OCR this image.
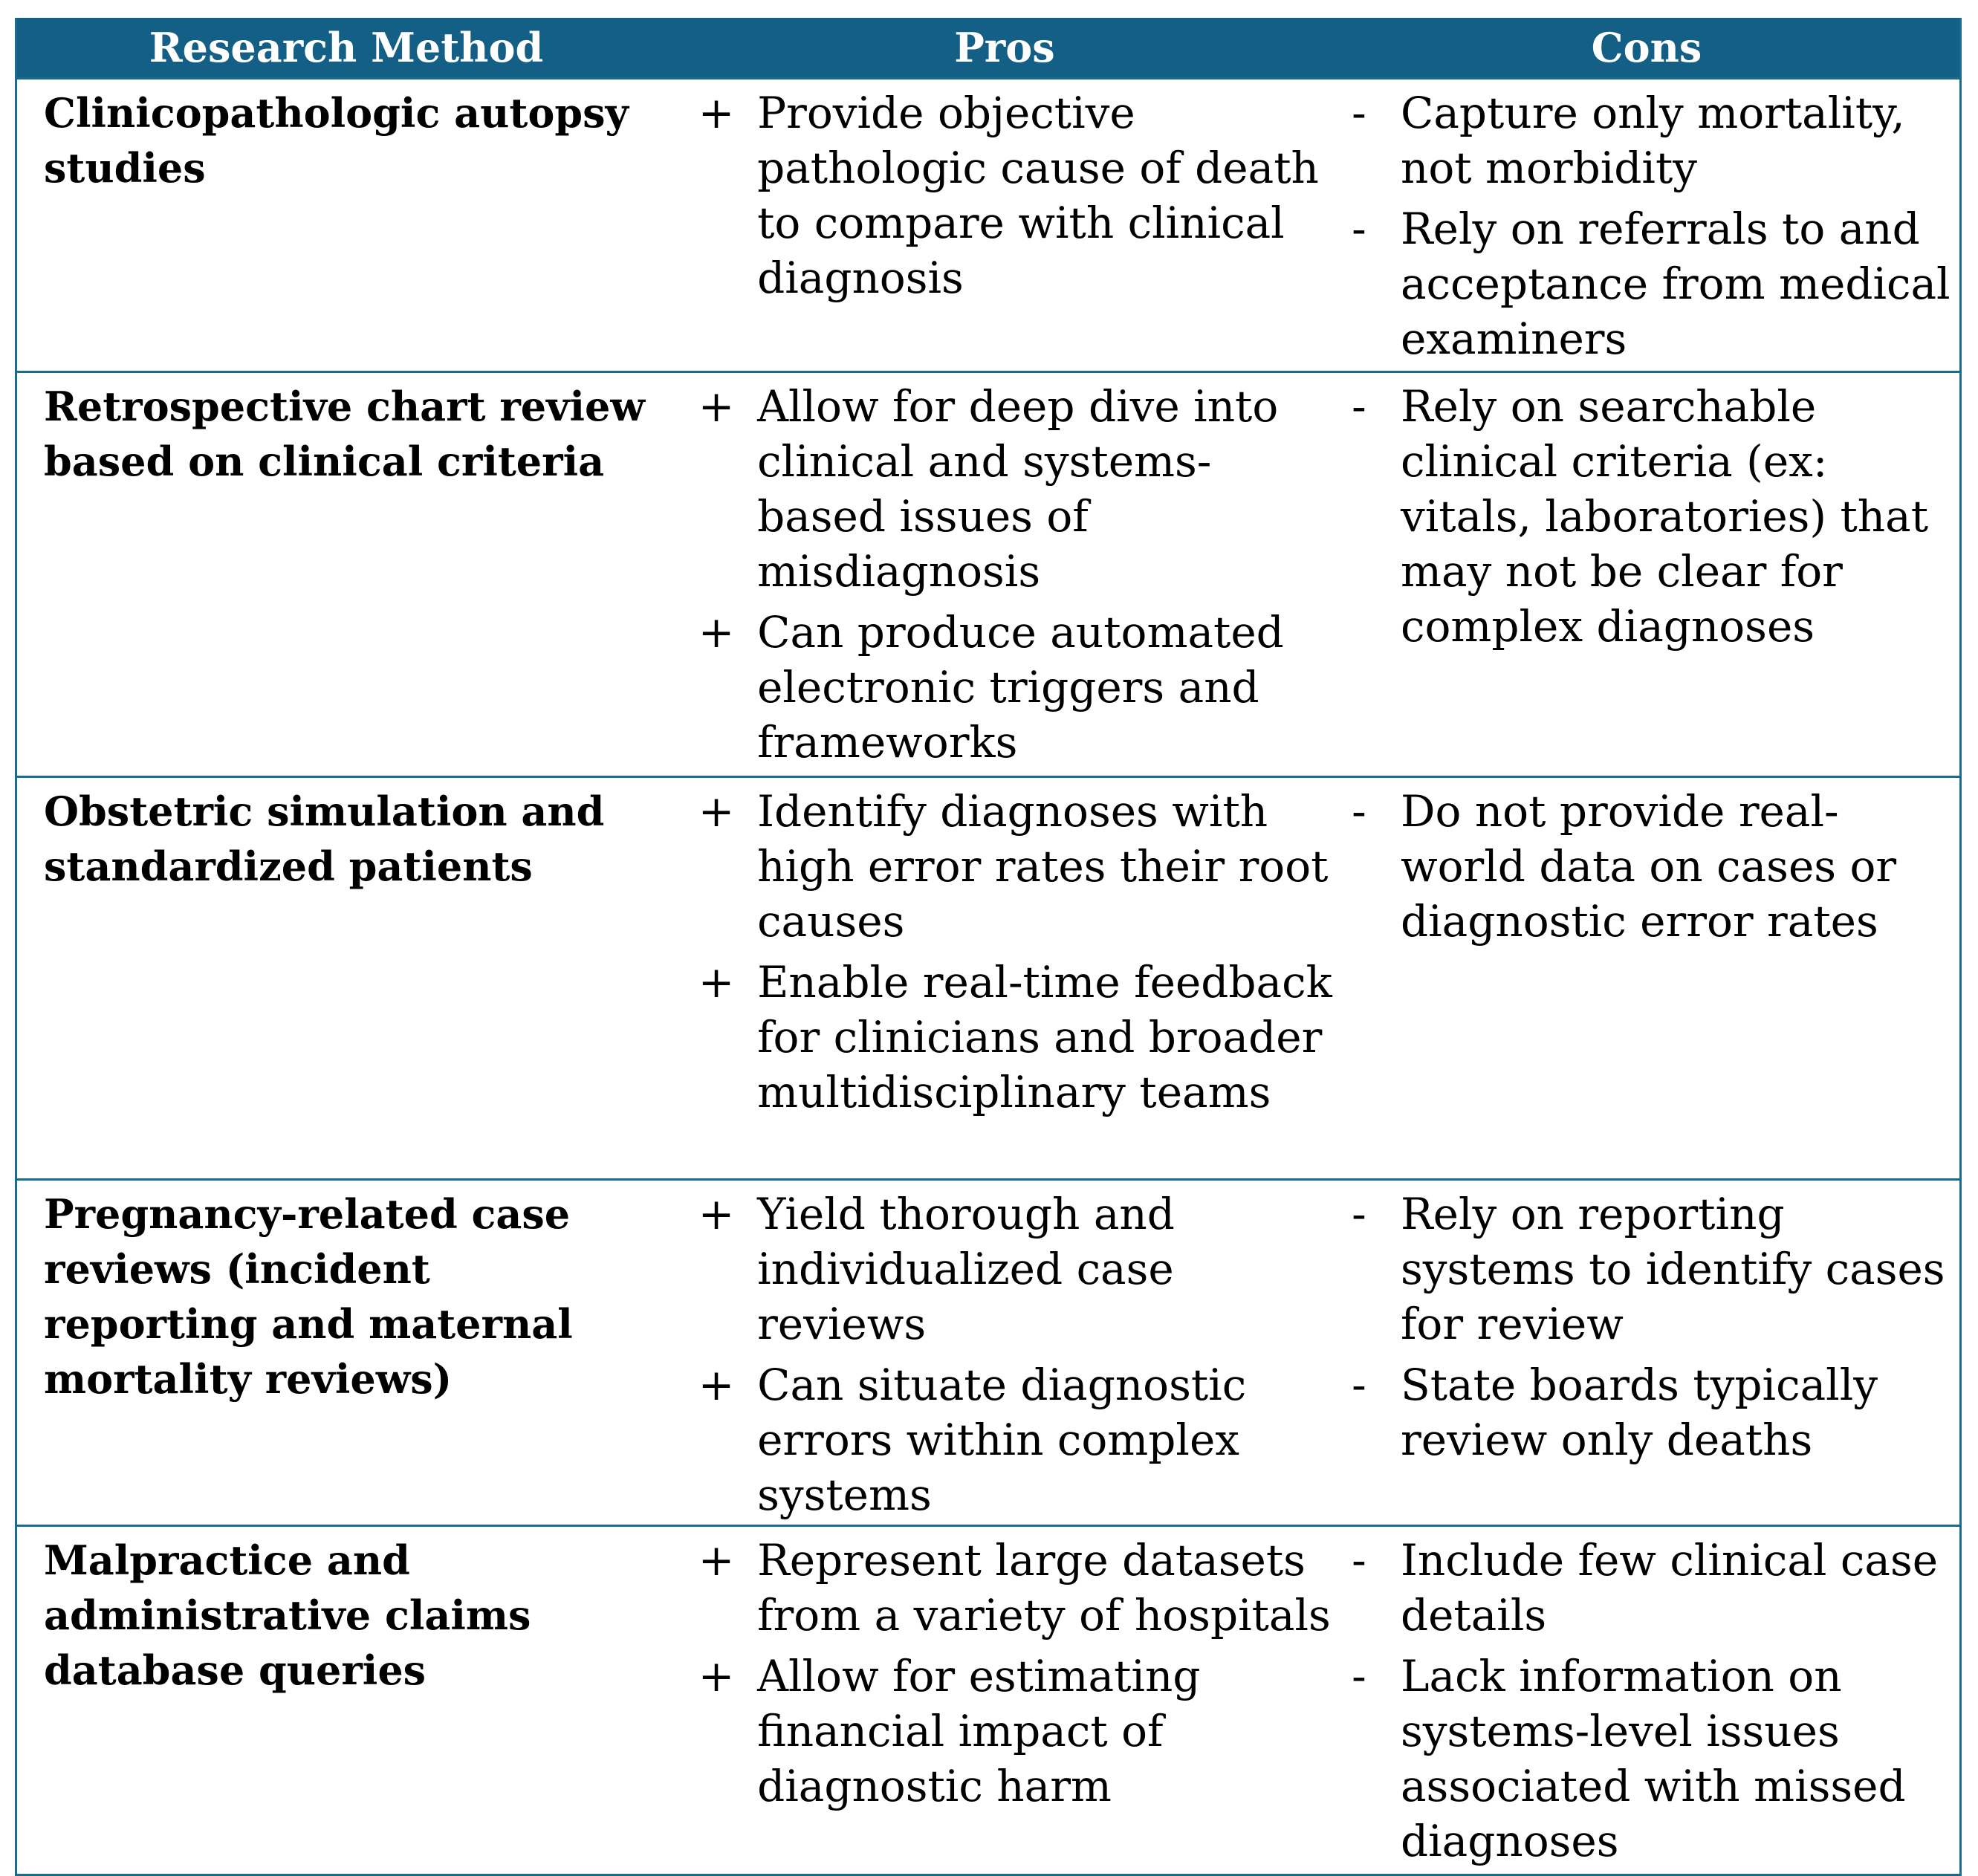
Research Method	Pros	Cons
Clinicopathologic autopsy studies
+ Provide objective pathologic cause of death to compare with clinical diagnosis
- Capture only mortality, not morbidity
- Rely on referrals to and acceptance from medical examiners
Retrospective chart review based on clinical criteria
+ Allow for deep dive into clinical and systems-based issues of misdiagnosis
+ Can produce automated electronic triggers and frameworks
- Rely on searchable clinical criteria (ex: vitals, laboratories) that may not be clear for complex diagnoses
Obstetric simulation and standardized patients
+ Identify diagnoses with high error rates their root causes
+ Enable real-time feedback for clinicians and broader multidisciplinary teams
- Do not provide real-world data on cases or diagnostic error rates
Pregnancy-related case reviews (incident reporting and maternal mortality reviews)
+ Yield thorough and individualized case reviews
+ Can situate diagnostic errors within complex systems
- Rely on reporting systems to identify cases for review
- State boards typically review only deaths
Malpractice and administrative claims database queries
+ Represent large datasets from a variety of hospitals
+ Allow for estimating financial impact of diagnostic harm
- Include few clinical case details
- Lack information on systems-level issues associated with missed diagnoses
